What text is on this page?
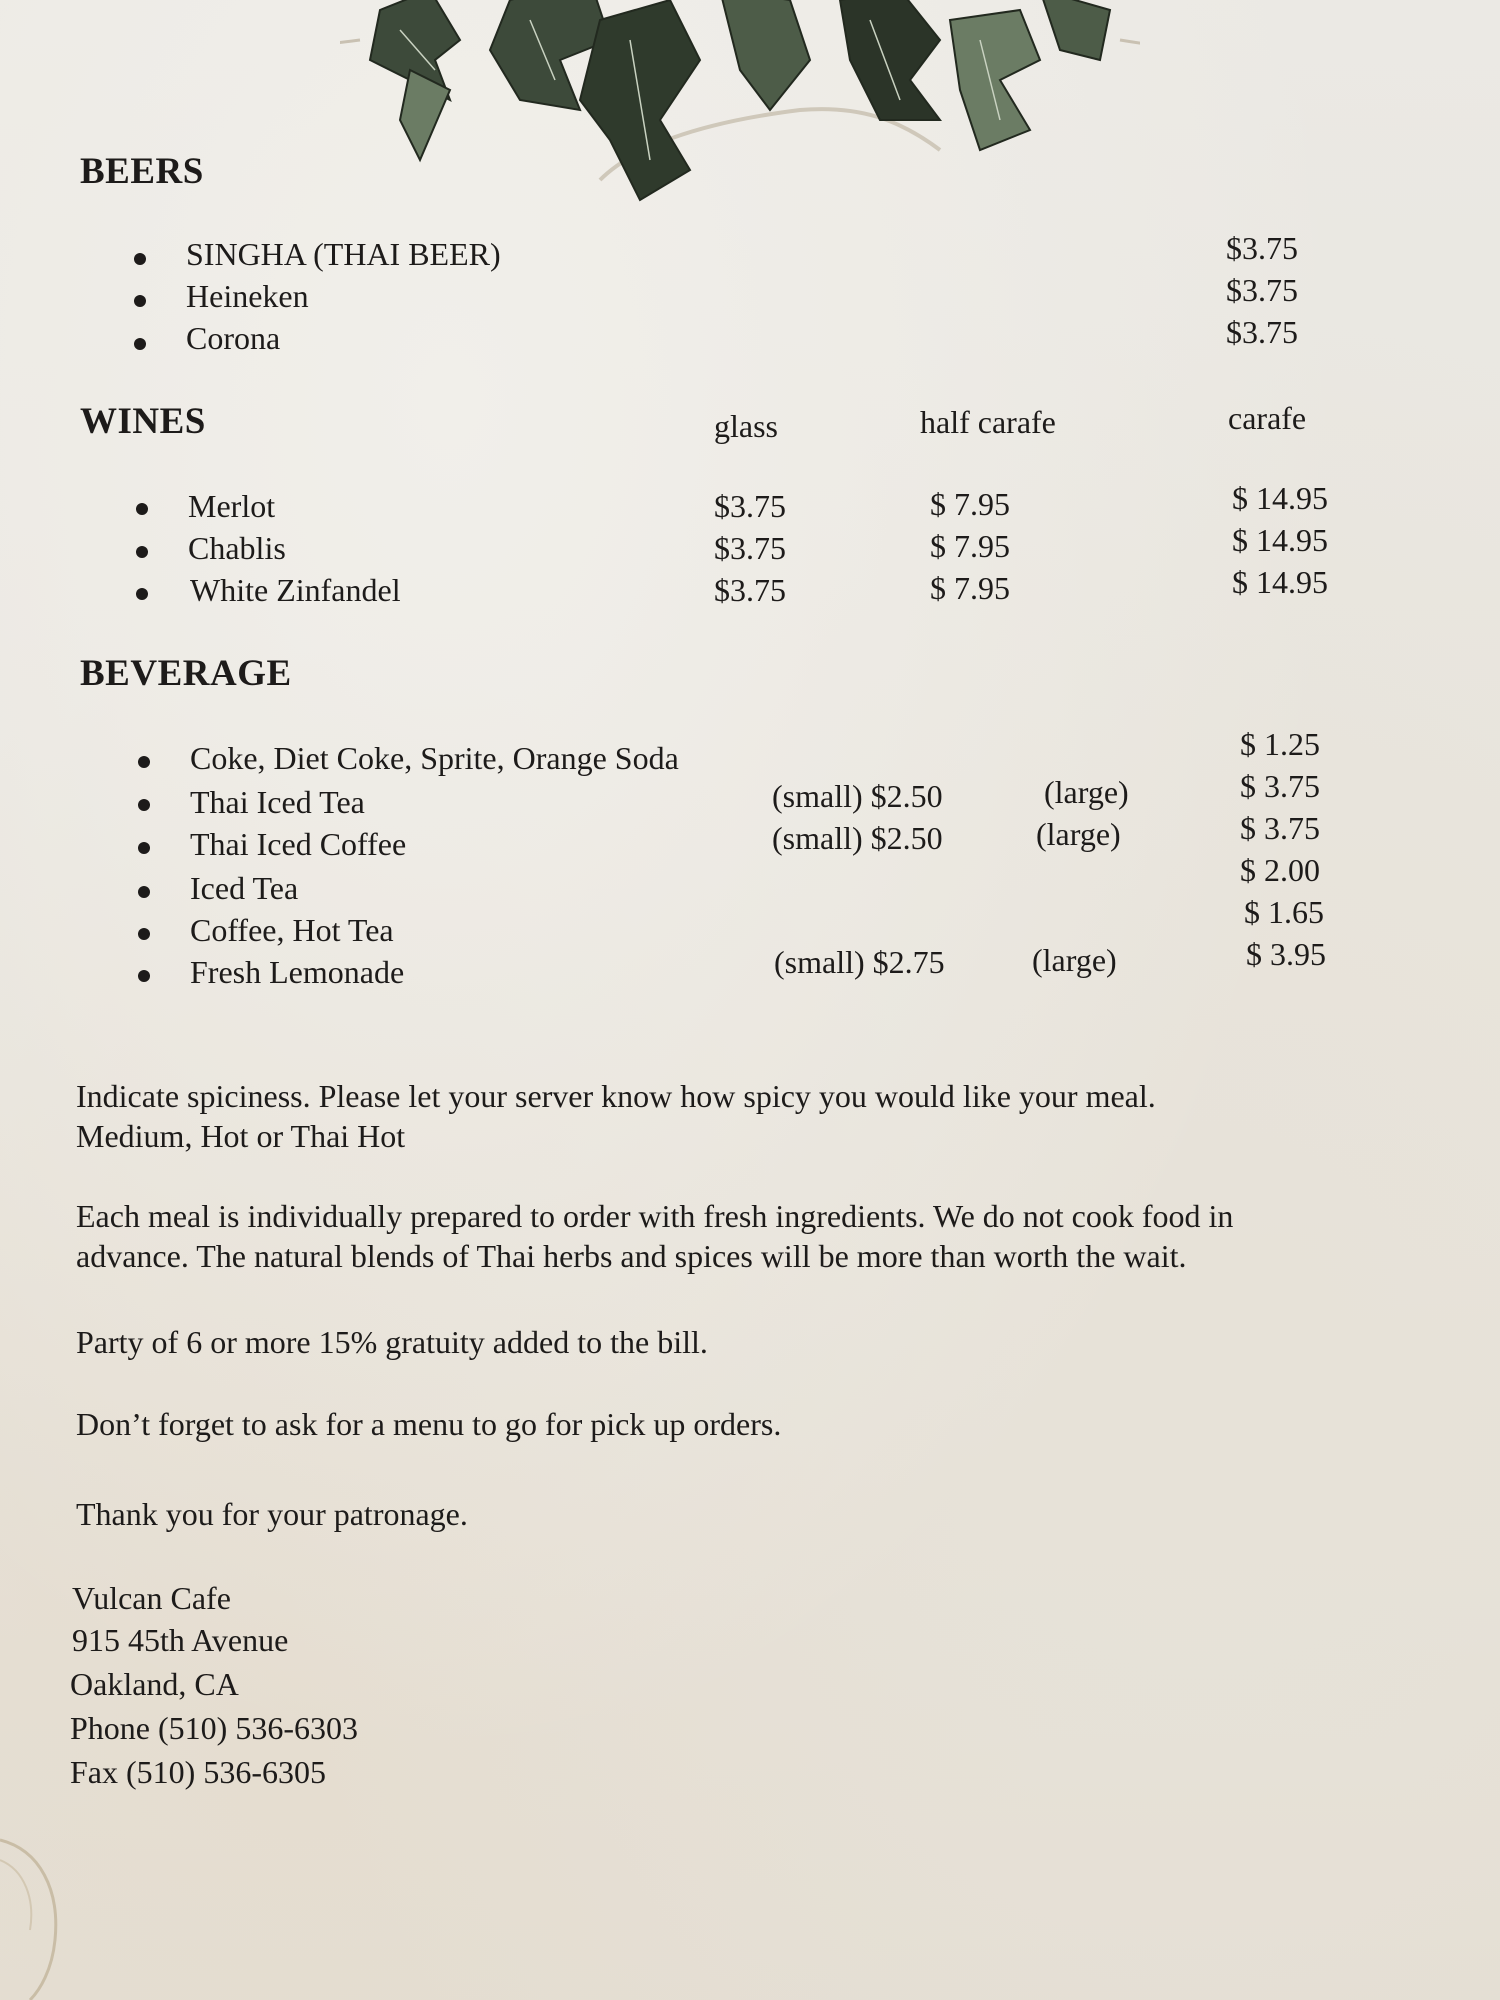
BEERS
SINGHA (THAI BEER)	$3.75
Heineken	$3.75
Corona	$3.75
WINES	glass	half carafe	carafe
Merlot	$3.75	$ 7.95	$ 14.95
Chablis	$3.75	$ 7.95	$ 14.95
White Zinfandel	$3.75	$ 7.95	$ 14.95
BEVERAGE
Coke, Diet Coke, Sprite, Orange Soda	$ 1.25
Thai Iced Tea	(small) $2.50	(large)	$ 3.75
Thai Iced Coffee	(small) $2.50	(large)	$ 3.75
Iced Tea	$ 2.00
Coffee, Hot Tea	$ 1.65
Fresh Lemonade	(small) $2.75	(large)	$ 3.95
Indicate spiciness. Please let your server know how spicy you would like your meal.
Medium, Hot or Thai Hot
Each meal is individually prepared to order with fresh ingredients. We do not cook food in
advance. The natural blends of Thai herbs and spices will be more than worth the wait.
Party of 6 or more 15% gratuity added to the bill.
Don’t forget to ask for a menu to go for pick up orders.
Thank you for your patronage.
Vulcan Cafe
915 45th Avenue
Oakland, CA
Phone (510) 536-6303
Fax (510) 536-6305
